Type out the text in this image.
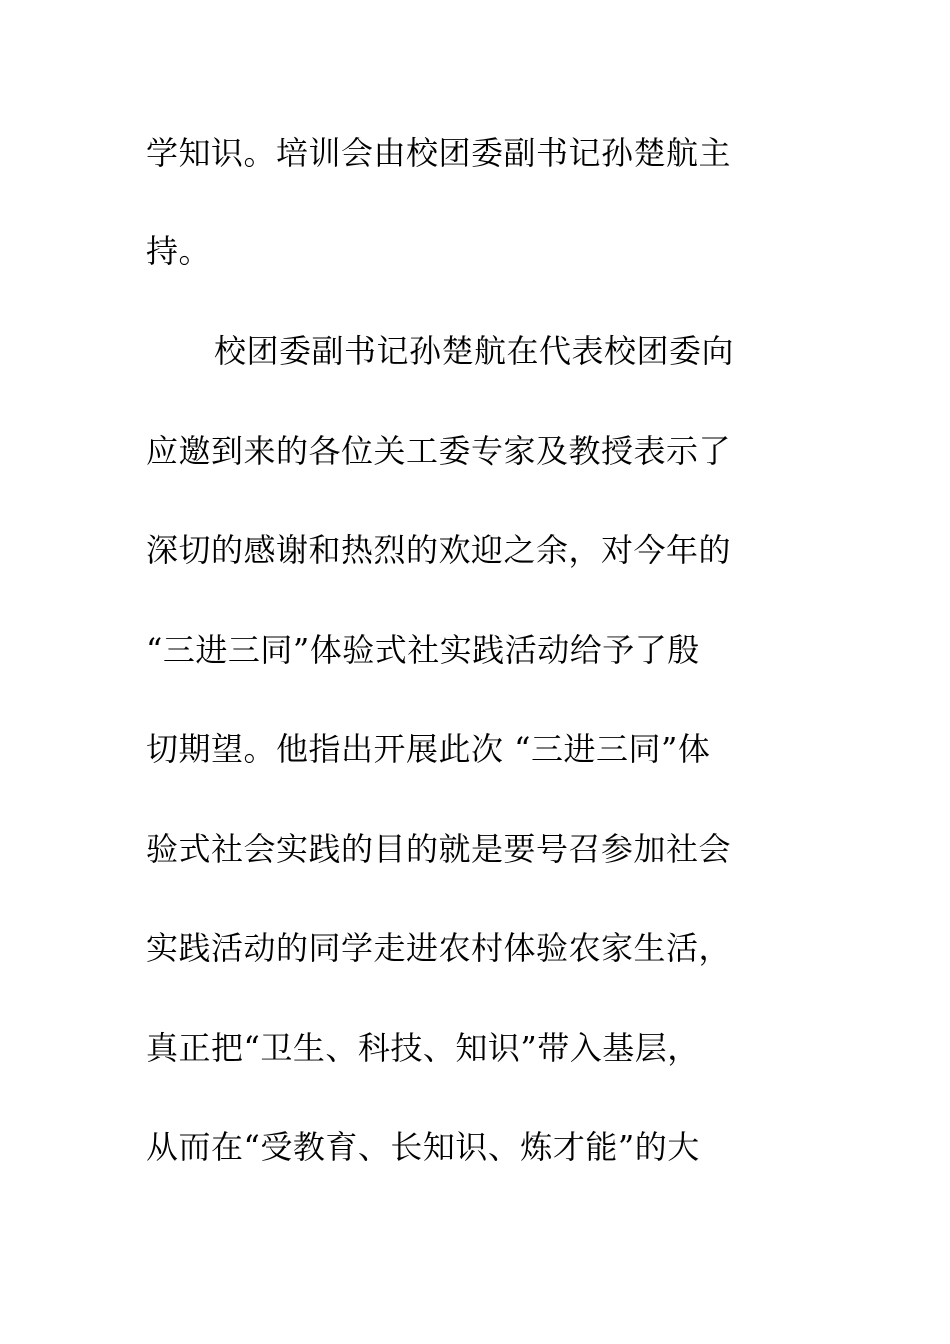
学知识。培训会由校团委副书记孙楚航主
持。
校团委副书记孙楚航在代表校团委向
应邀到来的各位关工委专家及教授表示了
深切的感谢和热烈的欢迎之余，对今年的
“三进三同”体验式社实践活动给予了殷
切期望。他指出开展此次 “三进三同”体
验式社会实践的目的就是要号召参加社会
实践活动的同学走进农村体验农家生活，
真正把“卫生、科技、知识”带入基层，
从而在“受教育、长知识、炼才能”的大
